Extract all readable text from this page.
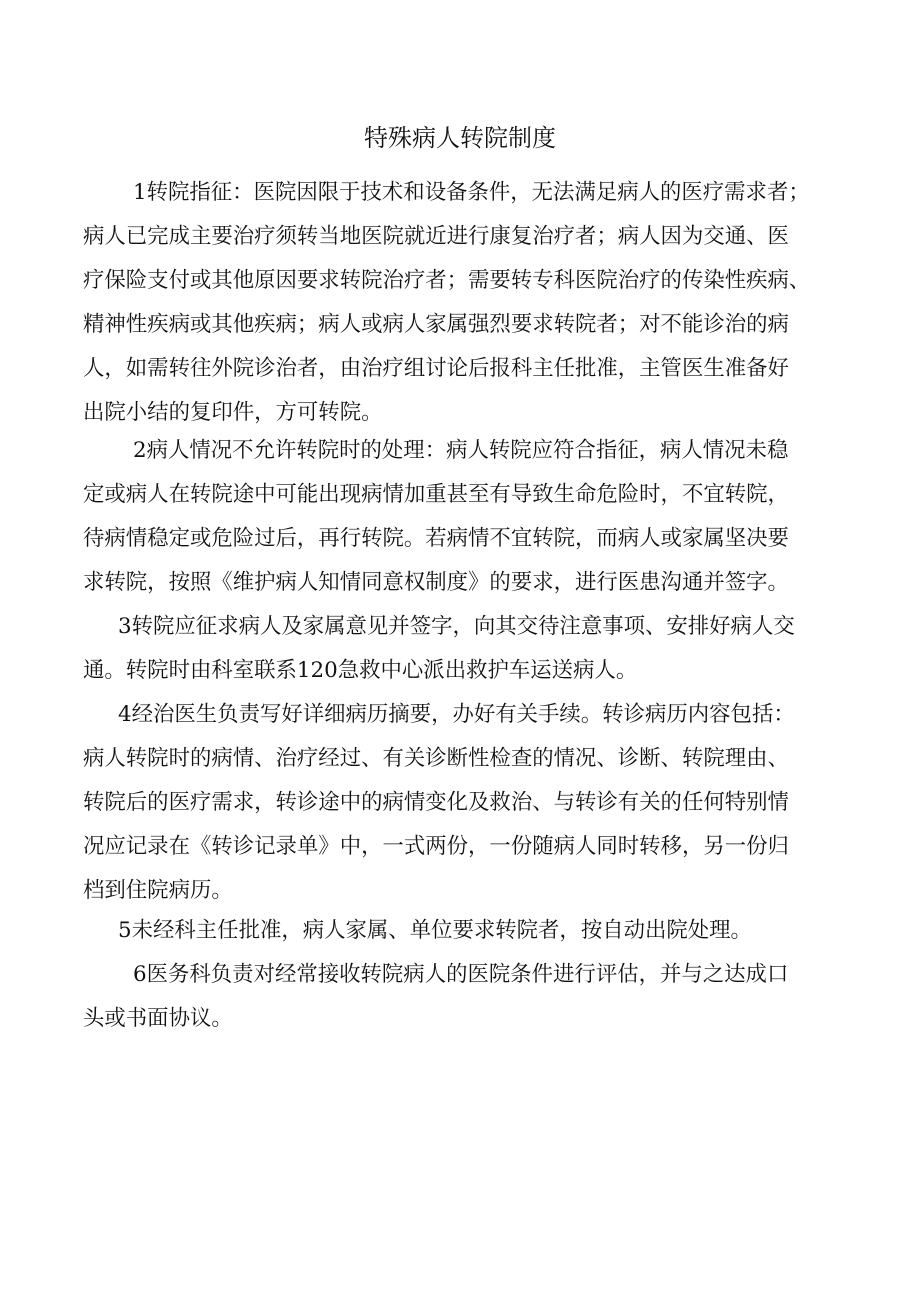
特殊病人转院制度
1转院指征：医院因限于技术和设备条件，无法满足病人的医疗需求者；
病人已完成主要治疗须转当地医院就近进行康复治疗者；病人因为交通、医
疗保险支付或其他原因要求转院治疗者；需要转专科医院治疗的传染性疾病、
精神性疾病或其他疾病；病人或病人家属强烈要求转院者；对不能诊治的病
人，如需转往外院诊治者，由治疗组讨论后报科主任批准，主管医生准备好
出院小结的复印件，方可转院。
2病人情况不允许转院时的处理：病人转院应符合指征，病人情况未稳
定或病人在转院途中可能出现病情加重甚至有导致生命危险时，不宜转院，
待病情稳定或危险过后，再行转院。若病情不宜转院，而病人或家属坚决要
求转院，按照《维护病人知情同意权制度》的要求，进行医患沟通并签字。
3转院应征求病人及家属意见并签字，向其交待注意事项、安排好病人交
通。转院时由科室联系120急救中心派出救护车运送病人。
4经治医生负责写好详细病历摘要，办好有关手续。转诊病历内容包括：
病人转院时的病情、治疗经过、有关诊断性检查的情况、诊断、转院理由、
转院后的医疗需求，转诊途中的病情变化及救治、与转诊有关的任何特别情
况应记录在《转诊记录单》中，一式两份，一份随病人同时转移，另一份归
档到住院病历。
5未经科主任批准，病人家属、单位要求转院者，按自动出院处理。
6医务科负责对经常接收转院病人的医院条件进行评估，并与之达成口
头或书面协议。
